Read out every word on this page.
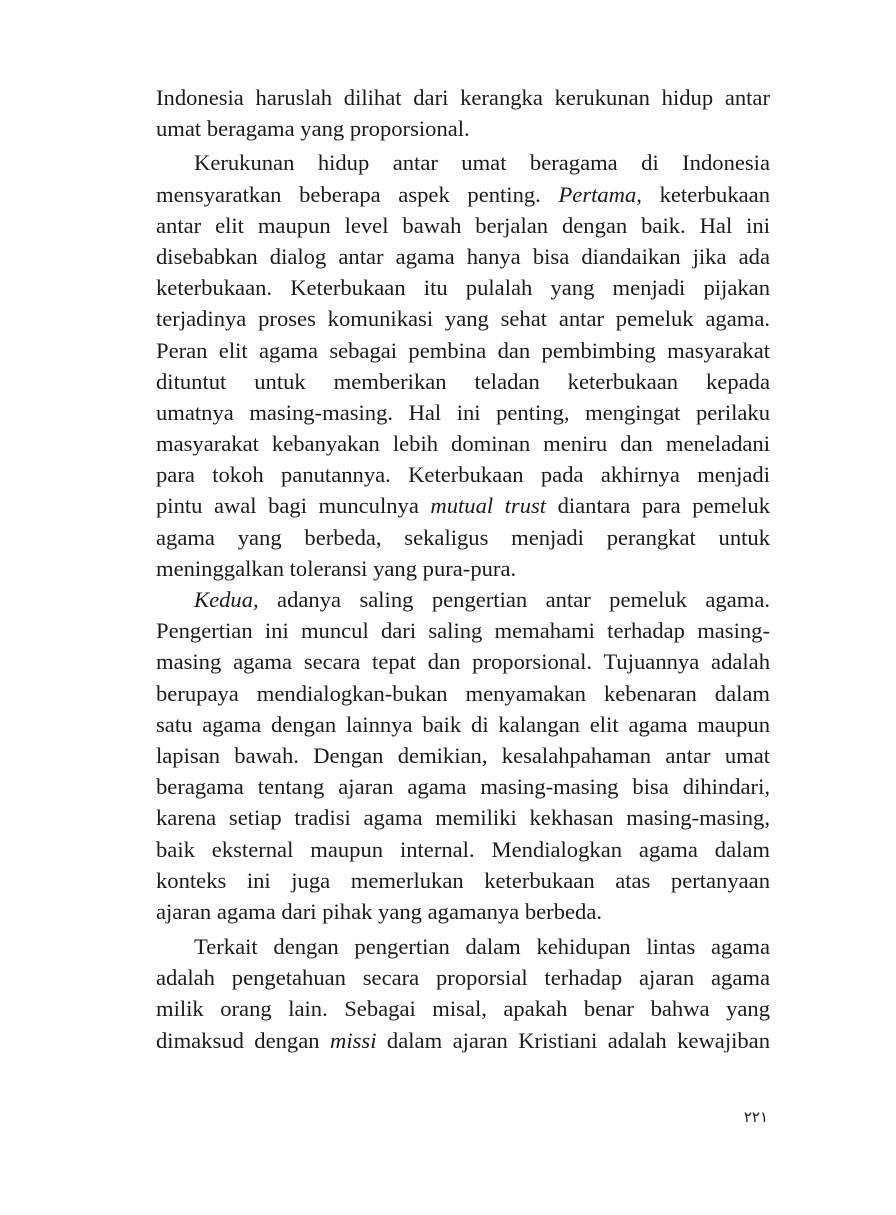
Indonesia haruslah dilihat dari kerangka kerukunan hidup antar
umat beragama yang proporsional.
Kerukunan hidup antar umat beragama di Indonesia
mensyaratkan beberapa aspek penting. Pertama, keterbukaan
antar elit maupun level bawah berjalan dengan baik. Hal ini
disebabkan dialog antar agama hanya bisa diandaikan jika ada
keterbukaan. Keterbukaan itu pulalah yang menjadi pijakan
terjadinya proses komunikasi yang sehat antar pemeluk agama.
Peran elit agama sebagai pembina dan pembimbing masyarakat
dituntut untuk memberikan teladan keterbukaan kepada
umatnya masing-masing. Hal ini penting, mengingat perilaku
masyarakat kebanyakan lebih dominan meniru dan meneladani
para tokoh panutannya. Keterbukaan pada akhirnya menjadi
pintu awal bagi munculnya mutual trust diantara para pemeluk
agama yang berbeda, sekaligus menjadi perangkat untuk
meninggalkan toleransi yang pura-pura.
Kedua, adanya saling pengertian antar pemeluk agama.
Pengertian ini muncul dari saling memahami terhadap masing-
masing agama secara tepat dan proporsional. Tujuannya adalah
berupaya mendialogkan-bukan menyamakan kebenaran dalam
satu agama dengan lainnya baik di kalangan elit agama maupun
lapisan bawah. Dengan demikian, kesalahpahaman antar umat
beragama tentang ajaran agama masing-masing bisa dihindari,
karena setiap tradisi agama memiliki kekhasan masing-masing,
baik eksternal maupun internal. Mendialogkan agama dalam
konteks ini juga memerlukan keterbukaan atas pertanyaan
ajaran agama dari pihak yang agamanya berbeda.
Terkait dengan pengertian dalam kehidupan lintas agama
adalah pengetahuan secara proporsial terhadap ajaran agama
milik orang lain. Sebagai misal, apakah benar bahwa yang
dimaksud dengan missi dalam ajaran Kristiani adalah kewajiban
٢٢١
